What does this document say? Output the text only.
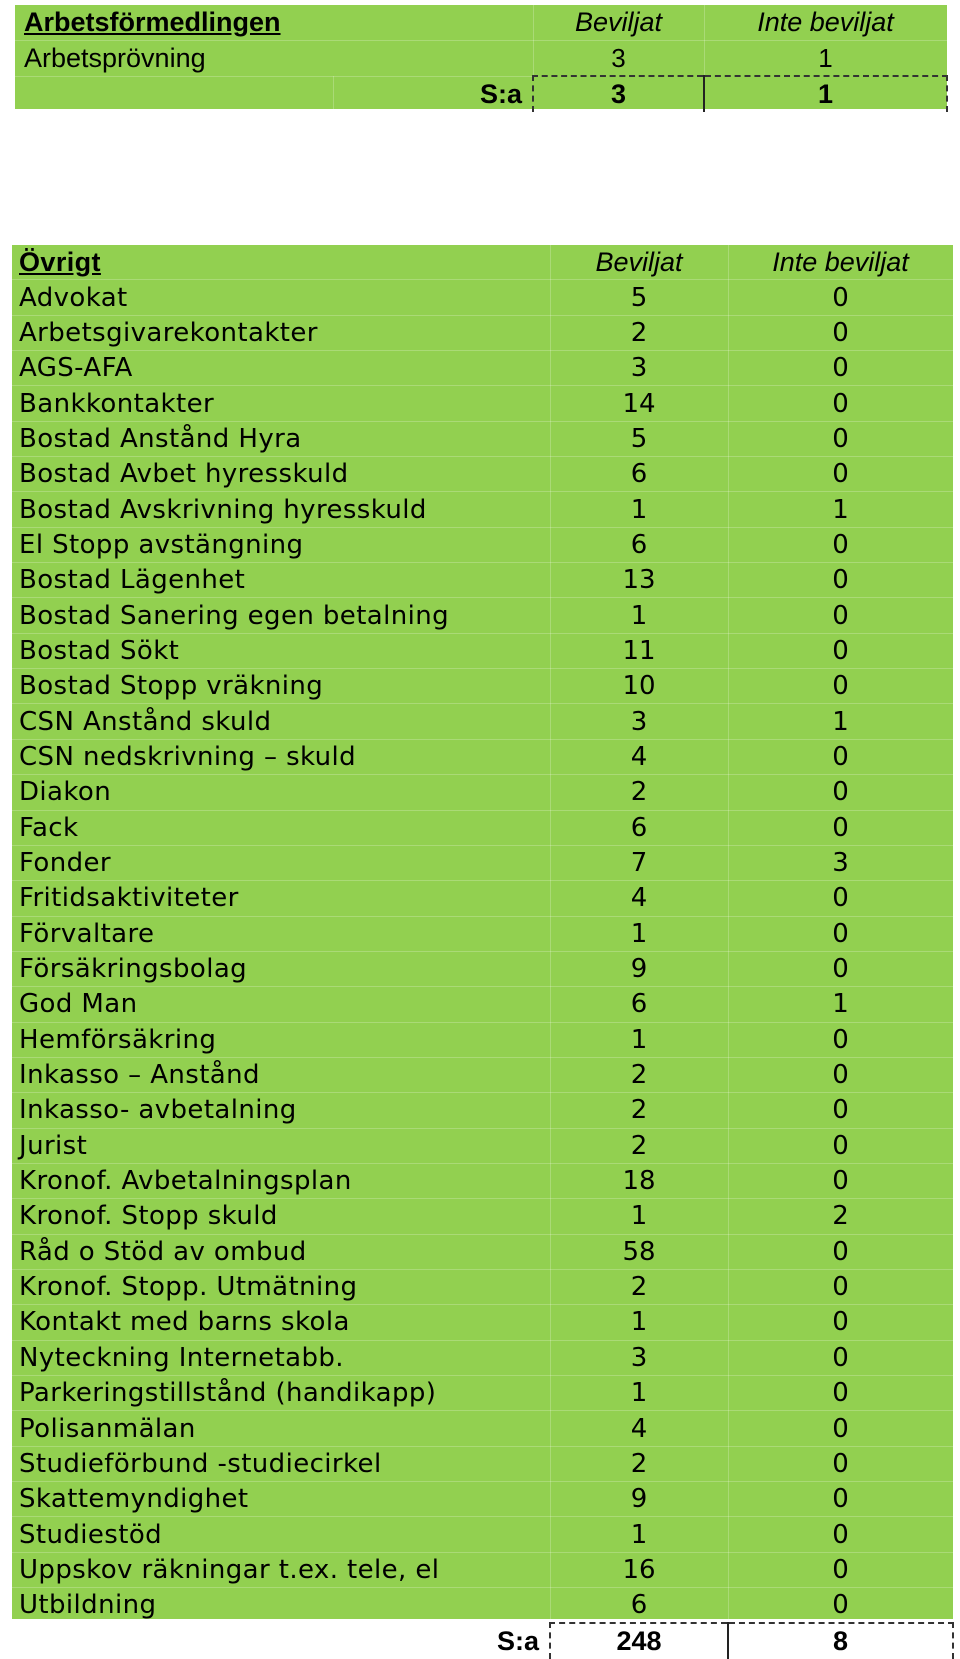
Arbetsförmedlingen		Beviljat	Inte beviljat
Arbetsprövning		3	1
	S:a	3	1
Övrigt	Beviljat	Inte beviljat
Advokat	5	0
Arbetsgivarekontakter	2	0
AGS-AFA	3	0
Bankkontakter	14	0
Bostad Anstånd Hyra	5	0
Bostad Avbet hyresskuld	6	0
Bostad Avskrivning hyresskuld	1	1
El Stopp avstängning	6	0
Bostad Lägenhet	13	0
Bostad Sanering egen betalning	1	0
Bostad Sökt	11	0
Bostad Stopp vräkning	10	0
CSN Anstånd skuld	3	1
CSN nedskrivning – skuld	4	0
Diakon	2	0
Fack	6	0
Fonder	7	3
Fritidsaktiviteter	4	0
Förvaltare	1	0
Försäkringsbolag	9	0
God Man	6	1
Hemförsäkring	1	0
Inkasso – Anstånd	2	0
Inkasso- avbetalning	2	0
Jurist	2	0
Kronof. Avbetalningsplan	18	0
Kronof. Stopp skuld	1	2
Råd o Stöd av ombud	58	0
Kronof. Stopp. Utmätning	2	0
Kontakt med barns skola	1	0
Nyteckning Internetabb.	3	0
Parkeringstillstånd (handikapp)	1	0
Polisanmälan	4	0
Studieförbund -studiecirkel	2	0
Skattemyndighet	9	0
Studiestöd	1	0
Uppskov räkningar t.ex. tele, el	16	0
Utbildning	6	0
S:a	248	8
